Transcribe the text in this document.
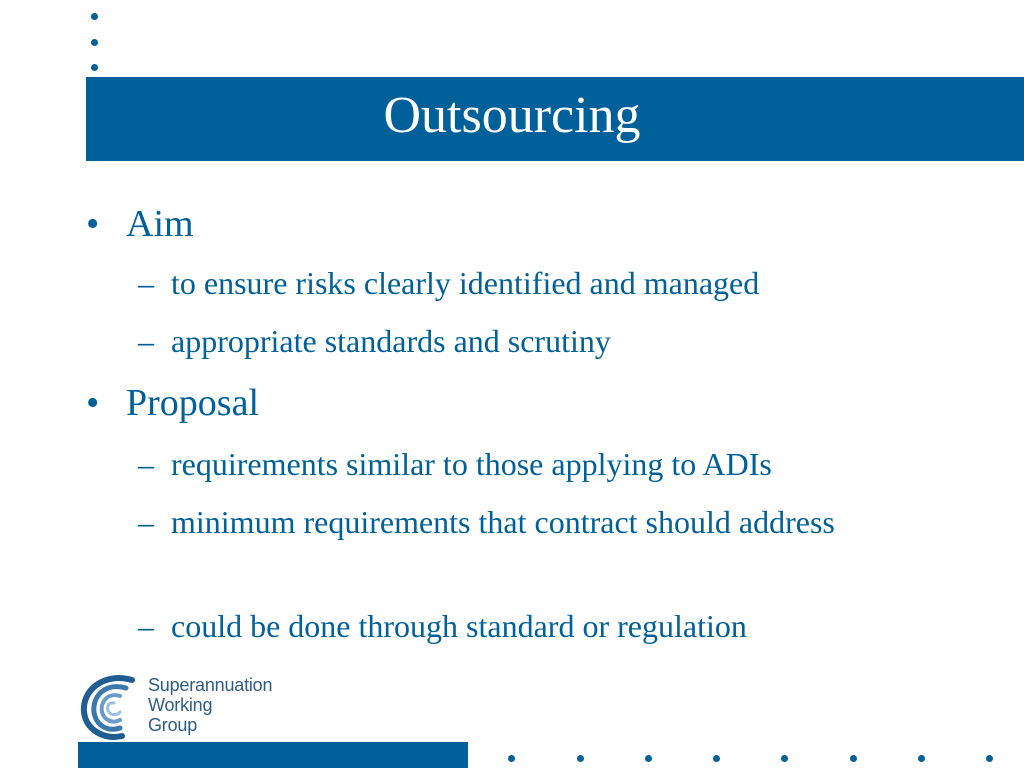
Outsourcing
• Aim
– to ensure risks clearly identified and managed
– appropriate standards and scrutiny
• Proposal
– requirements similar to those applying to ADIs
– minimum requirements that contract should address
– could be done through standard or regulation
Superannuation
Working
Group
